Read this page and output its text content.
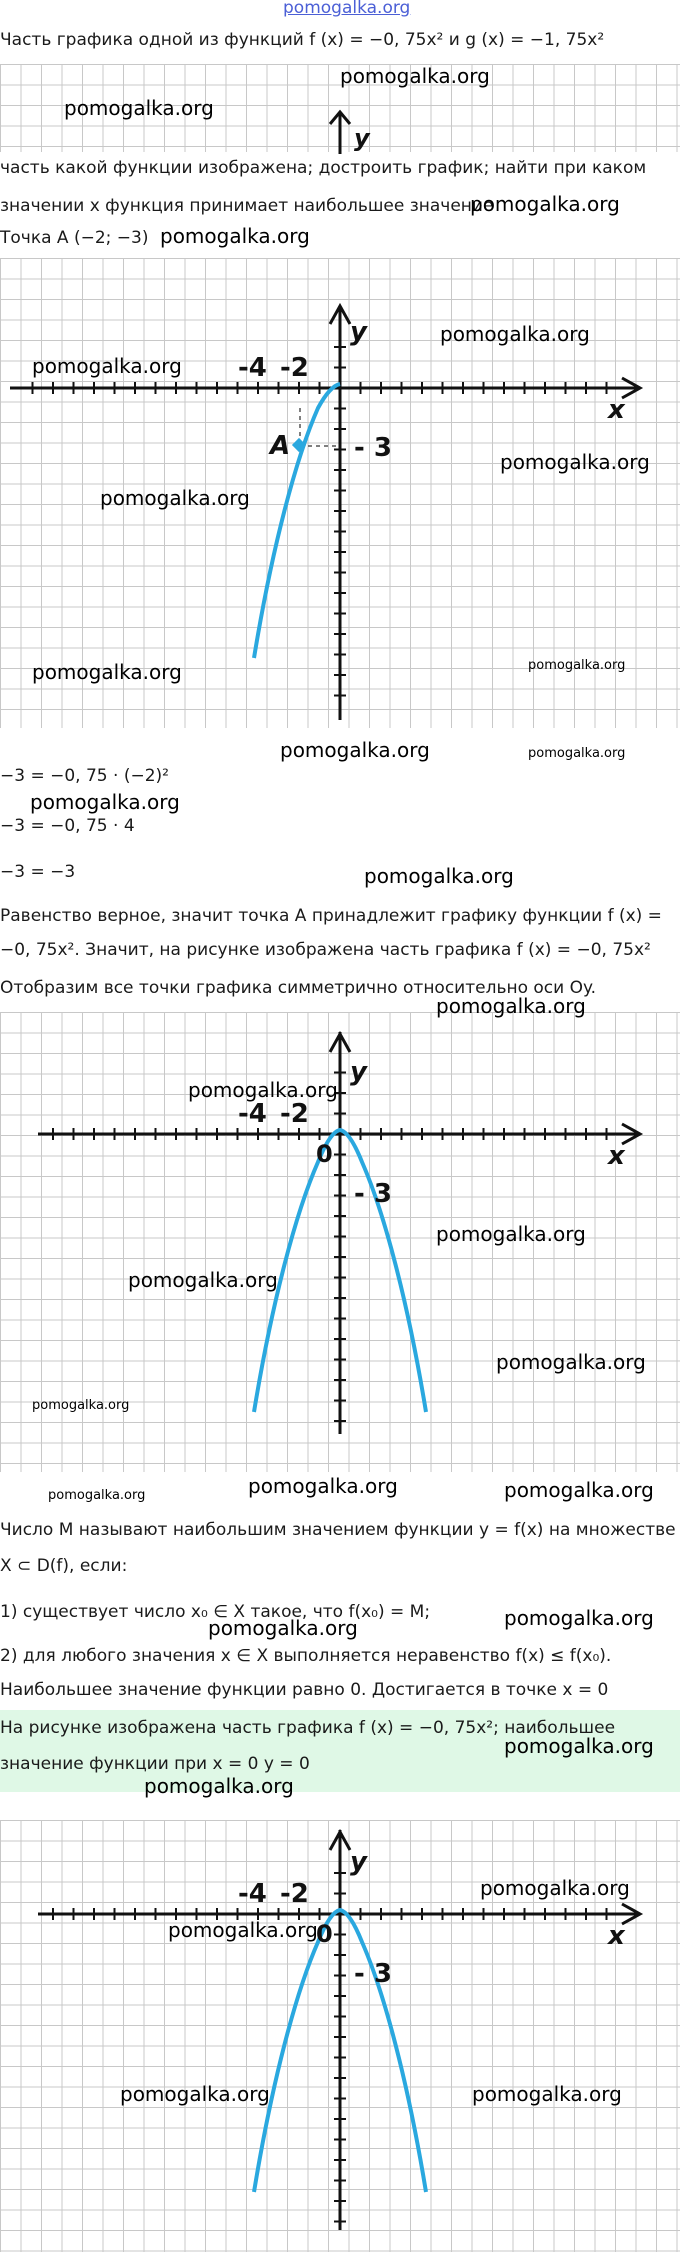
pomogalka.org
Часть графика одной из функций f (x) = −0, 75x² и g (x) = −1, 75x²
y
часть какой функции изображена; достроить график; найти при каком
значении x функция принимает наибольшее значение
Точка A (−2; −3)
-4 -2
- 3
A
y
x
−3 = −0, 75 · (−2)²
−3 = −0, 75 · 4
−3 = −3
Равенство верное, значит точка A принадлежит графику функции f (x) =
−0, 75x². Значит, на рисунке изображена часть графика f (x) = −0, 75x²
Отобразим все точки графика симметрично относительно оси Oy.
-4 -2
0
- 3
y
x
Число M называют наибольшим значением функции y = f(x) на множестве
X ⊂ D(f), если:
1) существует число x₀ ∈ X такое, что f(x₀) = M;
2) для любого значения x ∈ X выполняется неравенство f(x) ≤ f(x₀).
Наибольшее значение функции равно 0. Достигается в точке x = 0
На рисунке изображена часть графика f (x) = −0, 75x²; наибольшее
значение функции при x = 0 y = 0
-4 -2
0
- 3
y
x
pomogalka.org
pomogalka.org
pomogalka.org
pomogalka.org
pomogalka.org
pomogalka.org
pomogalka.org
pomogalka.org
pomogalka.org
pomogalka.org
pomogalka.org	pomogalka.org
pomogalka.org
pomogalka.org
pomogalka.org
pomogalka.org
pomogalka.org
pomogalka.org
pomogalka.org
pomogalka.org
pomogalka.org	pomogalka.org	pomogalka.org
pomogalka.org
pomogalka.org
pomogalka.org
pomogalka.org
pomogalka.org
pomogalka.org
pomogalka.org	pomogalka.org
